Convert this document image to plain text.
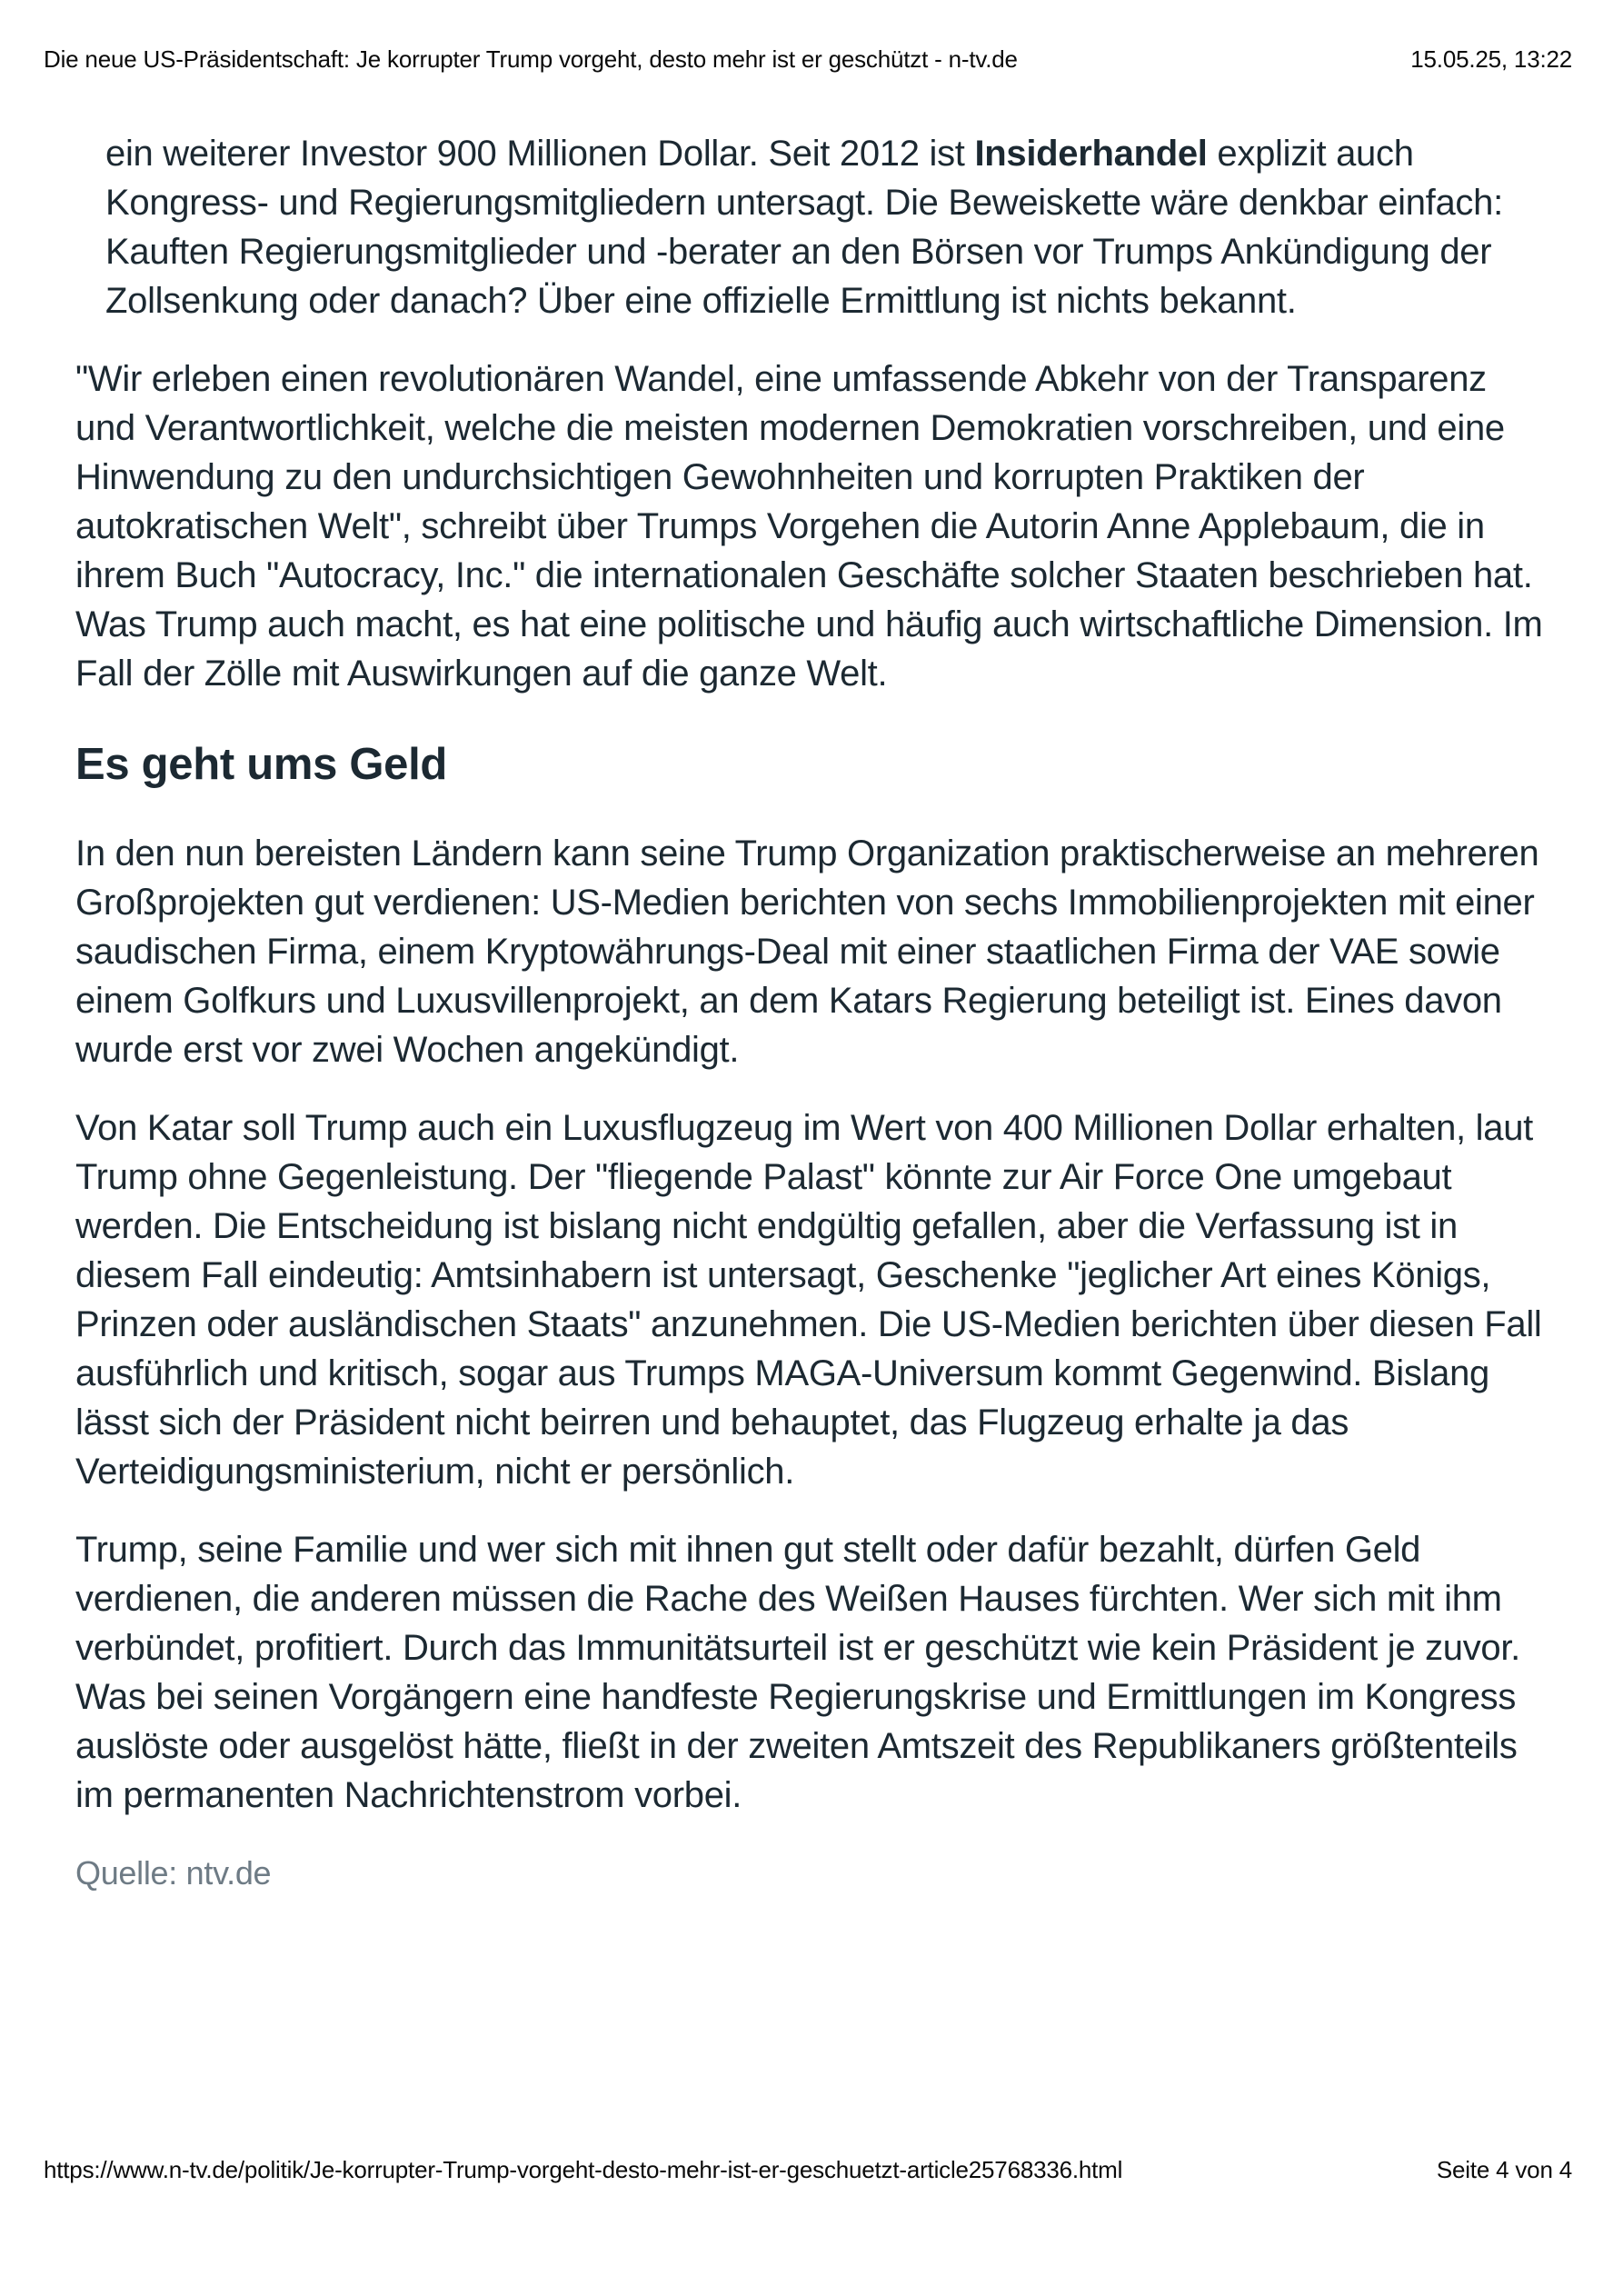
Die neue US-Präsidentschaft: Je korrupter Trump vorgeht, desto mehr ist er geschützt - n-tv.de	15.05.25, 13:22

ein weiterer Investor 900 Millionen Dollar. Seit 2012 ist Insiderhandel explizit auch Kongress- und Regierungsmitgliedern untersagt. Die Beweiskette wäre denkbar einfach: Kauften Regierungsmitglieder und -berater an den Börsen vor Trumps Ankündigung der Zollsenkung oder danach? Über eine offizielle Ermittlung ist nichts bekannt.

"Wir erleben einen revolutionären Wandel, eine umfassende Abkehr von der Transparenz und Verantwortlichkeit, welche die meisten modernen Demokratien vorschreiben, und eine Hinwendung zu den undurchsichtigen Gewohnheiten und korrupten Praktiken der autokratischen Welt", schreibt über Trumps Vorgehen die Autorin Anne Applebaum, die in ihrem Buch "Autocracy, Inc." die internationalen Geschäfte solcher Staaten beschrieben hat. Was Trump auch macht, es hat eine politische und häufig auch wirtschaftliche Dimension. Im Fall der Zölle mit Auswirkungen auf die ganze Welt.

Es geht ums Geld

In den nun bereisten Ländern kann seine Trump Organization praktischerweise an mehreren Großprojekten gut verdienen: US-Medien berichten von sechs Immobilienprojekten mit einer saudischen Firma, einem Kryptowährungs-Deal mit einer staatlichen Firma der VAE sowie einem Golfkurs und Luxusvillenprojekt, an dem Katars Regierung beteiligt ist. Eines davon wurde erst vor zwei Wochen angekündigt.

Von Katar soll Trump auch ein Luxusflugzeug im Wert von 400 Millionen Dollar erhalten, laut Trump ohne Gegenleistung. Der "fliegende Palast" könnte zur Air Force One umgebaut werden. Die Entscheidung ist bislang nicht endgültig gefallen, aber die Verfassung ist in diesem Fall eindeutig: Amtsinhabern ist untersagt, Geschenke "jeglicher Art eines Königs, Prinzen oder ausländischen Staats" anzunehmen. Die US-Medien berichten über diesen Fall ausführlich und kritisch, sogar aus Trumps MAGA-Universum kommt Gegenwind. Bislang lässt sich der Präsident nicht beirren und behauptet, das Flugzeug erhalte ja das Verteidigungsministerium, nicht er persönlich.

Trump, seine Familie und wer sich mit ihnen gut stellt oder dafür bezahlt, dürfen Geld verdienen, die anderen müssen die Rache des Weißen Hauses fürchten. Wer sich mit ihm verbündet, profitiert. Durch das Immunitätsurteil ist er geschützt wie kein Präsident je zuvor. Was bei seinen Vorgängern eine handfeste Regierungskrise und Ermittlungen im Kongress auslöste oder ausgelöst hätte, fließt in der zweiten Amtszeit des Republikaners größtenteils im permanenten Nachrichtenstrom vorbei.

Quelle: ntv.de
https://www.n-tv.de/politik/Je-korrupter-Trump-vorgeht-desto-mehr-ist-er-geschuetzt-article25768336.html	Seite 4 von 4
